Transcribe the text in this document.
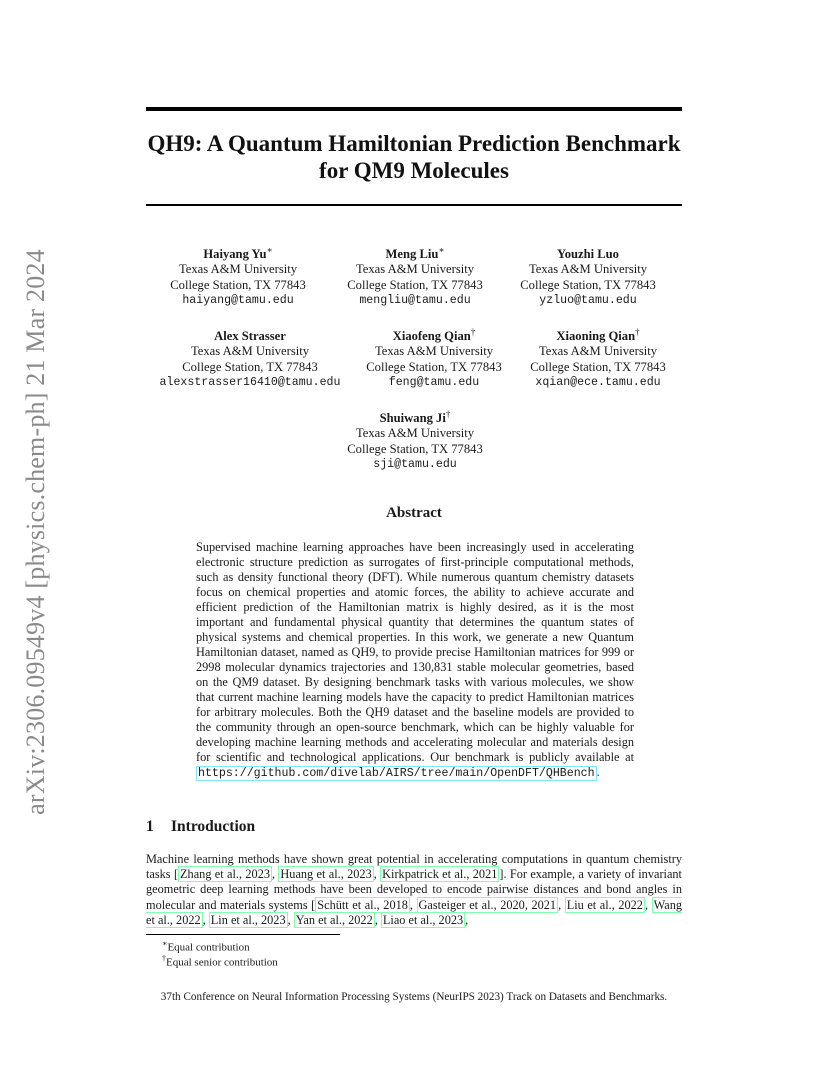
arXiv:2306.09549v4 [physics.chem-ph] 21 Mar 2024
QH9: A Quantum Hamiltonian Prediction Benchmark
for QM9 Molecules
Haiyang Yu∗
Texas A&M University
College Station, TX 77843
haiyang@tamu.edu
Meng Liu∗
Texas A&M University
College Station, TX 77843
mengliu@tamu.edu
Youzhi Luo
Texas A&M University
College Station, TX 77843
yzluo@tamu.edu
Alex Strasser
Texas A&M University
College Station, TX 77843
alexstrasser16410@tamu.edu
Xiaofeng Qian†
Texas A&M University
College Station, TX 77843
feng@tamu.edu
Xiaoning Qian†
Texas A&M University
College Station, TX 77843
xqian@ece.tamu.edu
Shuiwang Ji†
Texas A&M University
College Station, TX 77843
sji@tamu.edu
Abstract
Supervised machine learning approaches have been increasingly used in accelerating electronic structure prediction as surrogates of first-principle computational methods, such as density functional theory (DFT). While numerous quantum chemistry datasets focus on chemical properties and atomic forces, the ability to achieve accurate and efficient prediction of the Hamiltonian matrix is highly desired, as it is the most important and fundamental physical quantity that determines the quantum states of physical systems and chemical properties. In this work, we generate a new Quantum Hamiltonian dataset, named as QH9, to provide precise Hamiltonian matrices for 999 or 2998 molecular dynamics trajectories and 130,831 stable molecular geometries, based on the QM9 dataset. By designing benchmark tasks with various molecules, we show that current machine learning models have the capacity to predict Hamiltonian matrices for arbitrary molecules. Both the QH9 dataset and the baseline models are provided to the community through an open-source benchmark, which can be highly valuable for developing machine learning methods and accelerating molecular and materials design for scientific and technological applications. Our benchmark is publicly available at https://github.com/divelab/AIRS/tree/main/OpenDFT/QHBench .
1 Introduction
Machine learning methods have shown great potential in accelerating computations in quantum chemistry tasks [ Zhang et al., 2023 , Huang et al., 2023 , Kirkpatrick et al., 2021 ]. For example, a variety of invariant geometric deep learning methods have been developed to encode pairwise distances and bond angles in molecular and materials systems [ Schütt et al., 2018 , Gasteiger et al., 2020, 2021 , Liu et al., 2022 , Wang et al., 2022 , Lin et al., 2023 , Yan et al., 2022 , Liao et al., 2023 ,
∗Equal contribution
†Equal senior contribution
37th Conference on Neural Information Processing Systems (NeurIPS 2023) Track on Datasets and Benchmarks.
